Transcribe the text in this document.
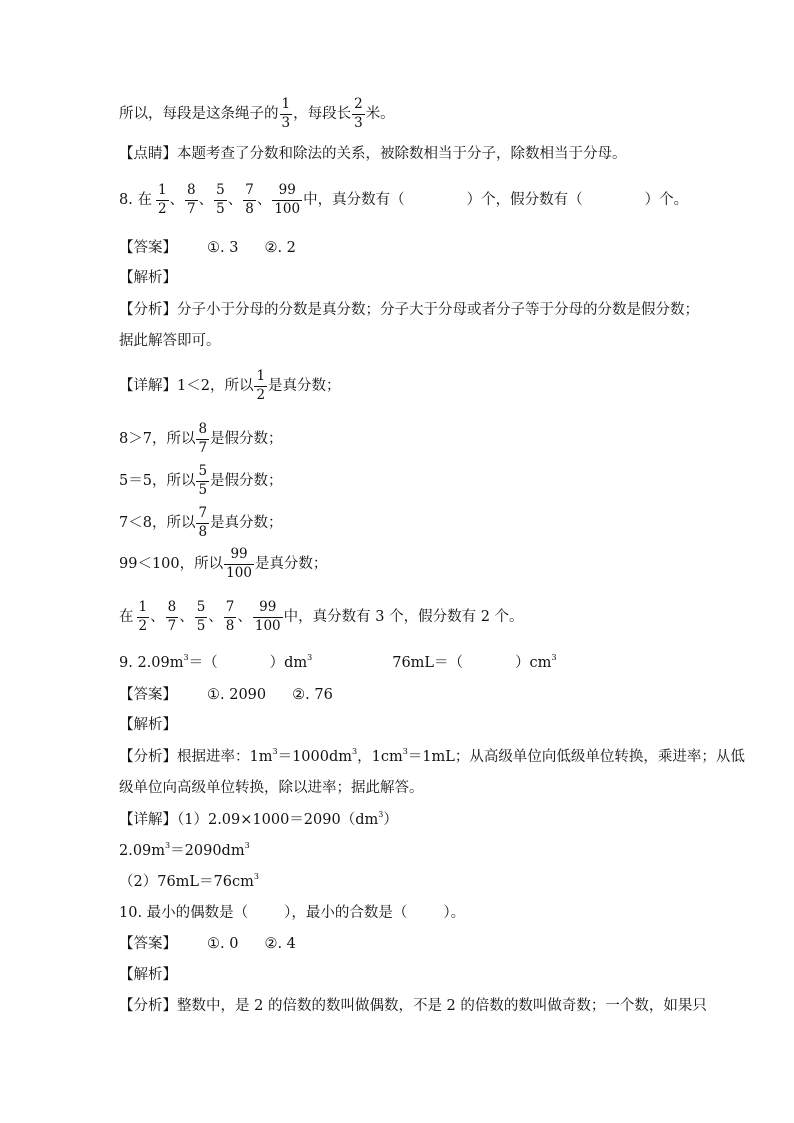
所以，每段是这条绳子的 $\frac{1}{3}$ ，每段长 $\frac{2}{3}$ 米。
【点睛】本题考查了分数和除法的关系，被除数相当于分子，除数相当于分母。
8. 在 $\frac{1}{2}$ 、 $\frac{8}{7}$ 、 $\frac{5}{5}$ 、 $\frac{7}{8}$ 、 $\frac{99}{100}$ 中，真分数有（	）个，假分数有（	）个。
【答案】 ①. 3 ②. 2
【解析】
【分析】分子小于分母的分数是真分数；分子大于分母或者分子等于分母的分数是假分数；
据此解答即可。
【详解】1＜2，所以 $\frac{1}{2}$ 是真分数；
8＞7，所以 $\frac{8}{7}$ 是假分数；
5＝5，所以 $\frac{5}{5}$ 是假分数；
7＜8，所以 $\frac{7}{8}$ 是真分数；
99＜100，所以 $\frac{99}{100}$ 是真分数；
在 $\frac{1}{2}$ 、 $\frac{8}{7}$ 、 $\frac{5}{5}$ 、 $\frac{7}{8}$ 、 $\frac{99}{100}$ 中，真分数有 3 个，假分数有 2 个。
9. 2.09m 3 ＝（	）dm 3	76mL＝（	）cm 3
【答案】 ①. 2090 ②. 76
【解析】
【分析】根据进率：1m 3 ＝1000dm 3 ，1cm 3 ＝1mL；从高级单位向低级单位转换，乘进率；从低
级单位向高级单位转换，除以进率；据此解答。
【详解】（1）2.09×1000＝2090（dm 3 ）
2.09m 3 ＝2090dm 3
（2）76mL＝76cm 3
10. 最小的偶数是（ ），最小的合数是（ ）。
【答案】 ①. 0 ②. 4
【解析】
【分析】整数中，是 2 的倍数的数叫做偶数，不是 2 的倍数的数叫做奇数；一个数，如果只
